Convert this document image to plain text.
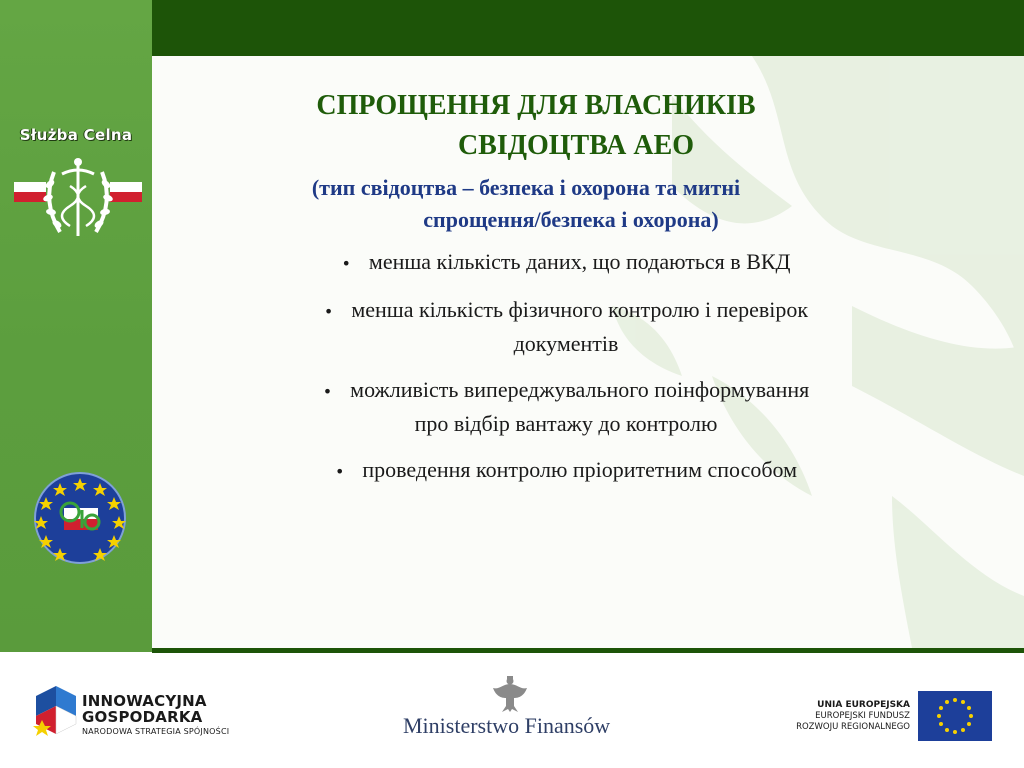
Służba Celna
СПРОЩЕННЯ ДЛЯ ВЛАСНИКІВ
СВІДОЦТВА АЕО
(тип свідоцтва – безпека і охорона та митні
спрощення/безпека і охорона)
• менша кількість даних, що подаються в ВКД
• менша кількість фізичного контролю і перевірок
документів
• можливість випереджувального поінформування
про відбір вантажу до контролю
• проведення контролю пріоритетним способом
INNOWACYJNA
GOSPODARKA
NARODOWA STRATEGIA SPÓJNOŚCI	Ministerstwo Finansów
UNIA EUROPEJSKA
EUROPEJSKI FUNDUSZ
ROZWOJU REGIONALNEGO
